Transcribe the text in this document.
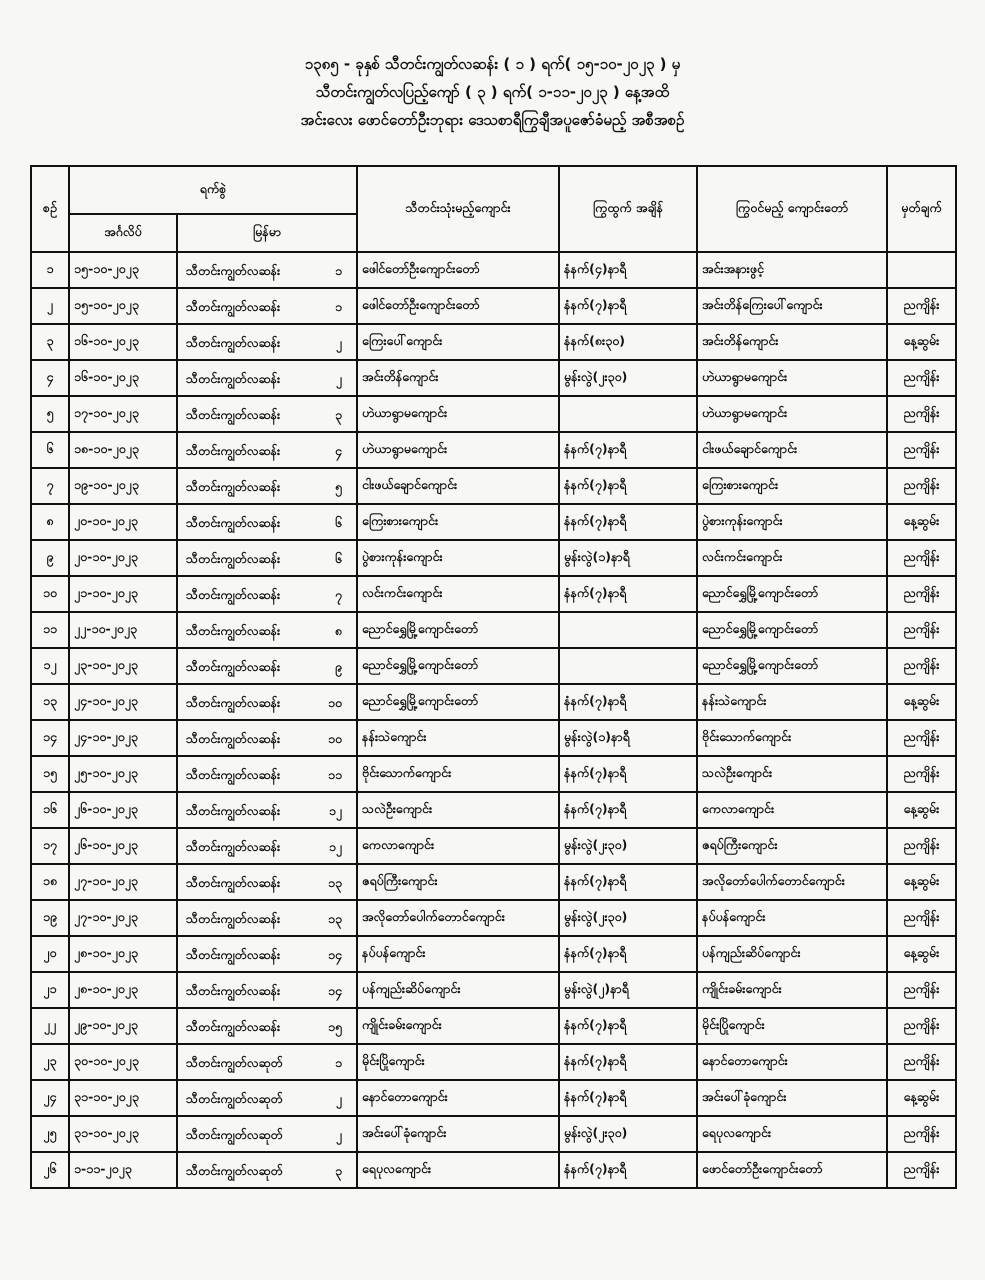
၁၃၈၅ - ခုနှစ် သီတင်းကျွတ်လဆန်း ( ၁ ) ရက်( ၁၅-၁၀-၂၀၂၃ ) မှ
သီတင်းကျွတ်လပြည့်ကျော် ( ၃ ) ရက်( ၁-၁၁-၂၀၂၃ ) နေ့အထိ
အင်းလေး ဖောင်တော်ဦးဘုရား ဒေသစာရီကြွချီအပူဇော်ခံမည့် အစီအစဉ်
စဉ်	ရက်စွဲ		သီတင်းသုံးမည့်ကျောင်း	ကြွထွက် အချိန်	ကြွဝင်မည့် ကျောင်းတော်	မှတ်ချက်
	အင်္ဂလိပ်	မြန်မာ				
၁	၁၅-၁၀-၂၀၂၃	သီတင်းကျွတ်လဆန်း ၁	ဖေါင်တော်ဦးကျောင်းတော်	နံနက်(၄)နာရီ	အင်းအနားဖွင့်	
၂	၁၅-၁၀-၂၀၂၃	သီတင်းကျွတ်လဆန်း ၁	ဖေါင်တော်ဦးကျောင်းတော်	နံနက်(၇)နာရီ	အင်းတိန်ကြေးပေါ်ကျောင်း	ညကျိန်း
၃	၁၆-၁၀-၂၀၂၃	သီတင်းကျွတ်လဆန်း ၂	ကြေးပေါ်ကျောင်း	နံနက်(၈း၃၀)	အင်းတိန်ကျောင်း	နေ့ဆွမ်း
၄	၁၆-၁၀-၂၀၂၃	သီတင်းကျွတ်လဆန်း ၂	အင်းတိန်ကျောင်း	မွန်းလွဲ(၂း၃၀)	ဟဲယာရွာမကျောင်း	ညကျိန်း
၅	၁၇-၁၀-၂၀၂၃	သီတင်းကျွတ်လဆန်း ၃	ဟဲယာရွာမကျောင်း		ဟဲယာရွာမကျောင်း	ညကျိန်း
၆	၁၈-၁၀-၂၀၂၃	သီတင်းကျွတ်လဆန်း ၄	ဟဲယာရွာမကျောင်း	နံနက်(၇)နာရီ	ငါးဖယ်ချောင်ကျောင်း	ညကျိန်း
၇	၁၉-၁၀-၂၀၂၃	သီတင်းကျွတ်လဆန်း ၅	ငါးဖယ်ချောင်ကျောင်း	နံနက်(၇)နာရီ	ကြေးစားကျောင်း	ညကျိန်း
၈	၂၀-၁၀-၂၀၂၃	သီတင်းကျွတ်လဆန်း ၆	ကြေးစားကျောင်း	နံနက်(၇)နာရီ	ပွဲစားကုန်းကျောင်း	နေ့ဆွမ်း
၉	၂၀-၁၀-၂၀၂၃	သီတင်းကျွတ်လဆန်း ၆	ပွဲစားကုန်းကျောင်း	မွန်းလွဲ(၁)နာရီ	လင်းကင်းကျောင်း	ညကျိန်း
၁၀	၂၁-၁၀-၂၀၂၃	သီတင်းကျွတ်လဆန်း ၇	လင်းကင်းကျောင်း	နံနက်(၇)နာရီ	ညောင်ရွှေမြို့ကျောင်းတော်	ညကျိန်း
၁၁	၂၂-၁၀-၂၀၂၃	သီတင်းကျွတ်လဆန်း ၈	ညောင်ရွှေမြို့ကျောင်းတော်		ညောင်ရွှေမြို့ကျောင်းတော်	ညကျိန်း
၁၂	၂၃-၁၀-၂၀၂၃	သီတင်းကျွတ်လဆန်း ၉	ညောင်ရွှေမြို့ကျောင်းတော်		ညောင်ရွှေမြို့ကျောင်းတော်	ညကျိန်း
၁၃	၂၄-၁၀-၂၀၂၃	သီတင်းကျွတ်လဆန်း ၁၀	ညောင်ရွှေမြို့ကျောင်းတော်	နံနက်(၇)နာရီ	နန်းသဲကျောင်း	နေ့ဆွမ်း
၁၄	၂၄-၁၀-၂၀၂၃	သီတင်းကျွတ်လဆန်း ၁၀	နန်းသဲကျောင်း	မွန်းလွဲ(၁)နာရီ	ဗိုင်းသောက်ကျောင်း	ညကျိန်း
၁၅	၂၅-၁၀-၂၀၂၃	သီတင်းကျွတ်လဆန်း ၁၁	ဗိုင်းသောက်ကျောင်း	နံနက်(၇)နာရီ	သလဲဦးကျောင်း	ညကျိန်း
၁၆	၂၆-၁၀-၂၀၂၃	သီတင်းကျွတ်လဆန်း ၁၂	သလဲဦးကျောင်း	နံနက်(၇)နာရီ	ကေလာကျောင်း	နေ့ဆွမ်း
၁၇	၂၆-၁၀-၂၀၂၃	သီတင်းကျွတ်လဆန်း ၁၂	ကေလာကျောင်း	မွန်းလွဲ(၂း၃၀)	ဇရပ်ကြီးကျောင်း	ညကျိန်း
၁၈	၂၇-၁၀-၂၀၂၃	သီတင်းကျွတ်လဆန်း ၁၃	ဇရပ်ကြီးကျောင်း	နံနက်(၇)နာရီ	အလိုတော်ပေါက်တောင်ကျောင်း	နေ့ဆွမ်း
၁၉	၂၇-၁၀-၂၀၂၃	သီတင်းကျွတ်လဆန်း ၁၃	အလိုတော်ပေါက်တောင်ကျောင်း	မွန်းလွဲ(၂း၃၀)	နပ်ပန်ကျောင်း	ညကျိန်း
၂၀	၂၈-၁၀-၂၀၂၃	သီတင်းကျွတ်လဆန်း ၁၄	နပ်ပန်ကျောင်း	နံနက်(၇)နာရီ	ပန်ကျည်းဆိပ်ကျောင်း	နေ့ဆွမ်း
၂၁	၂၈-၁၀-၂၀၂၃	သီတင်းကျွတ်လဆန်း ၁၄	ပန်ကျည်းဆိပ်ကျောင်း	မွန်းလွဲ(၂)နာရီ	ကျိုင်းခမ်းကျောင်း	ညကျိန်း
၂၂	၂၉-၁၀-၂၀၂၃	သီတင်းကျွတ်လဆန်း ၁၅	ကျိုင်းခမ်းကျောင်း	နံနက်(၇)နာရီ	မိုင်းပြိုကျောင်း	ညကျိန်း
၂၃	၃၀-၁၀-၂၀၂၃	သီတင်းကျွတ်လဆုတ် ၁	မိုင်းပြိုကျောင်း	နံနက်(၇)နာရီ	နောင်တောကျောင်း	ညကျိန်း
၂၄	၃၁-၁၀-၂၀၂၃	သီတင်းကျွတ်လဆုတ် ၂	နောင်တောကျောင်း	နံနက်(၇)နာရီ	အင်းပေါ်ခုံကျောင်း	နေ့ဆွမ်း
၂၅	၃၁-၁၀-၂၀၂၃	သီတင်းကျွတ်လဆုတ် ၂	အင်းပေါ်ခုံကျောင်း	မွန်းလွဲ(၂း၃၀)	ရေပုလကျောင်း	ညကျိန်း
၂၆	၁-၁၁-၂၀၂၃	သီတင်းကျွတ်လဆုတ် ၃	ရေပုလကျောင်း	နံနက်(၇)နာရီ	ဖောင်တော်ဦးကျောင်းတော်	ညကျိန်း
